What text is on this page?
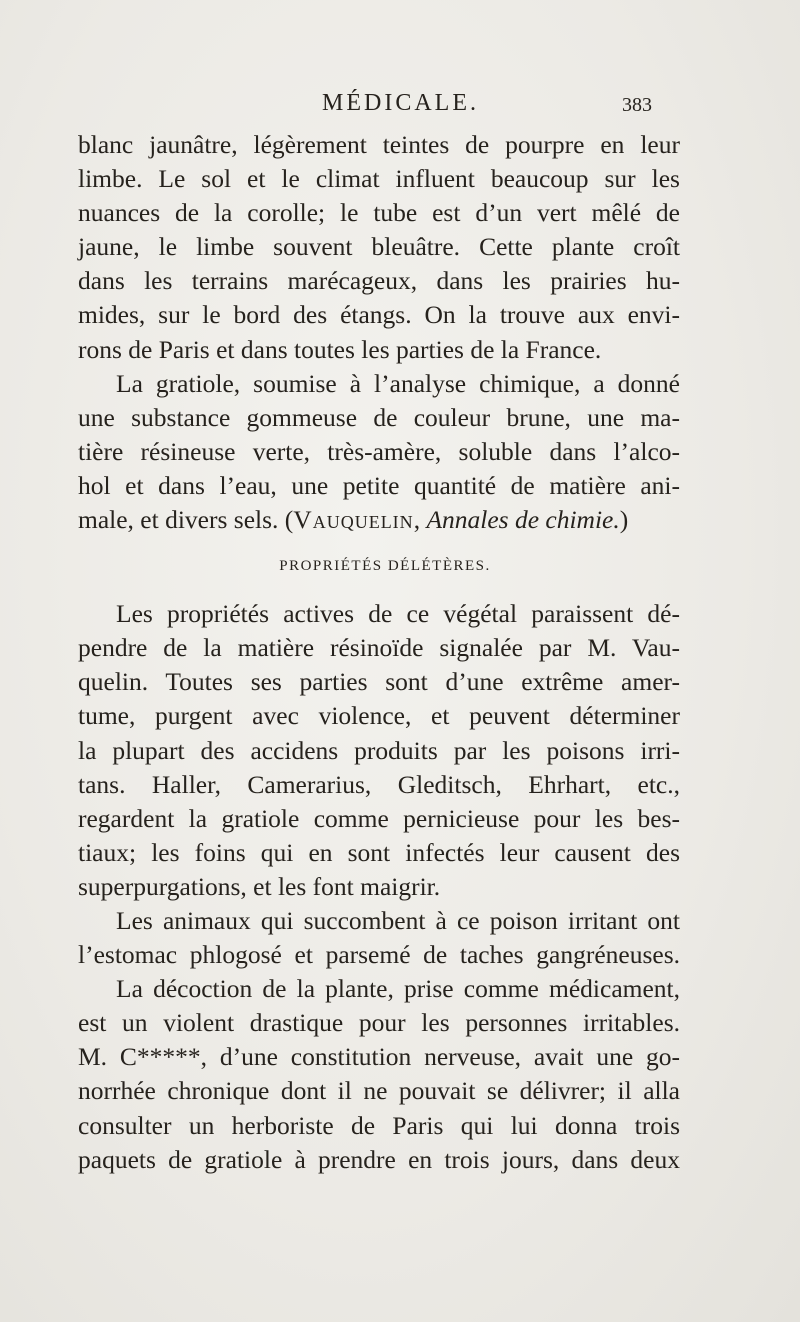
MÉDICALE.	383
blanc jaunâtre, légèrement teintes de pourpre en leur
limbe. Le sol et le climat influent beaucoup sur les
nuances de la corolle; le tube est d’un vert mêlé de
jaune, le limbe souvent bleuâtre. Cette plante croît
dans les terrains marécageux, dans les prairies hu-
mides, sur le bord des étangs. On la trouve aux envi-
rons de Paris et dans toutes les parties de la France.
La gratiole, soumise à l’analyse chimique, a donné
une substance gommeuse de couleur brune, une ma-
tière résineuse verte, très-amère, soluble dans l’alco-
hol et dans l’eau, une petite quantité de matière ani-
male, et divers sels. (Vauquelin, Annales de chimie.)
PROPRIÉTÉS DÉLÉTÈRES.
Les propriétés actives de ce végétal paraissent dé-
pendre de la matière résinoïde signalée par M. Vau-
quelin. Toutes ses parties sont d’une extrême amer-
tume, purgent avec violence, et peuvent déterminer
la plupart des accidens produits par les poisons irri-
tans. Haller, Camerarius, Gleditsch, Ehrhart, etc.,
regardent la gratiole comme pernicieuse pour les bes-
tiaux; les foins qui en sont infectés leur causent des
superpurgations, et les font maigrir.
Les animaux qui succombent à ce poison irritant ont
l’estomac phlogosé et parsemé de taches gangréneuses.
La décoction de la plante, prise comme médicament,
est un violent drastique pour les personnes irritables.
M. C*****, d’une constitution nerveuse, avait une go-
norrhée chronique dont il ne pouvait se délivrer; il alla
consulter un herboriste de Paris qui lui donna trois
paquets de gratiole à prendre en trois jours, dans deux
